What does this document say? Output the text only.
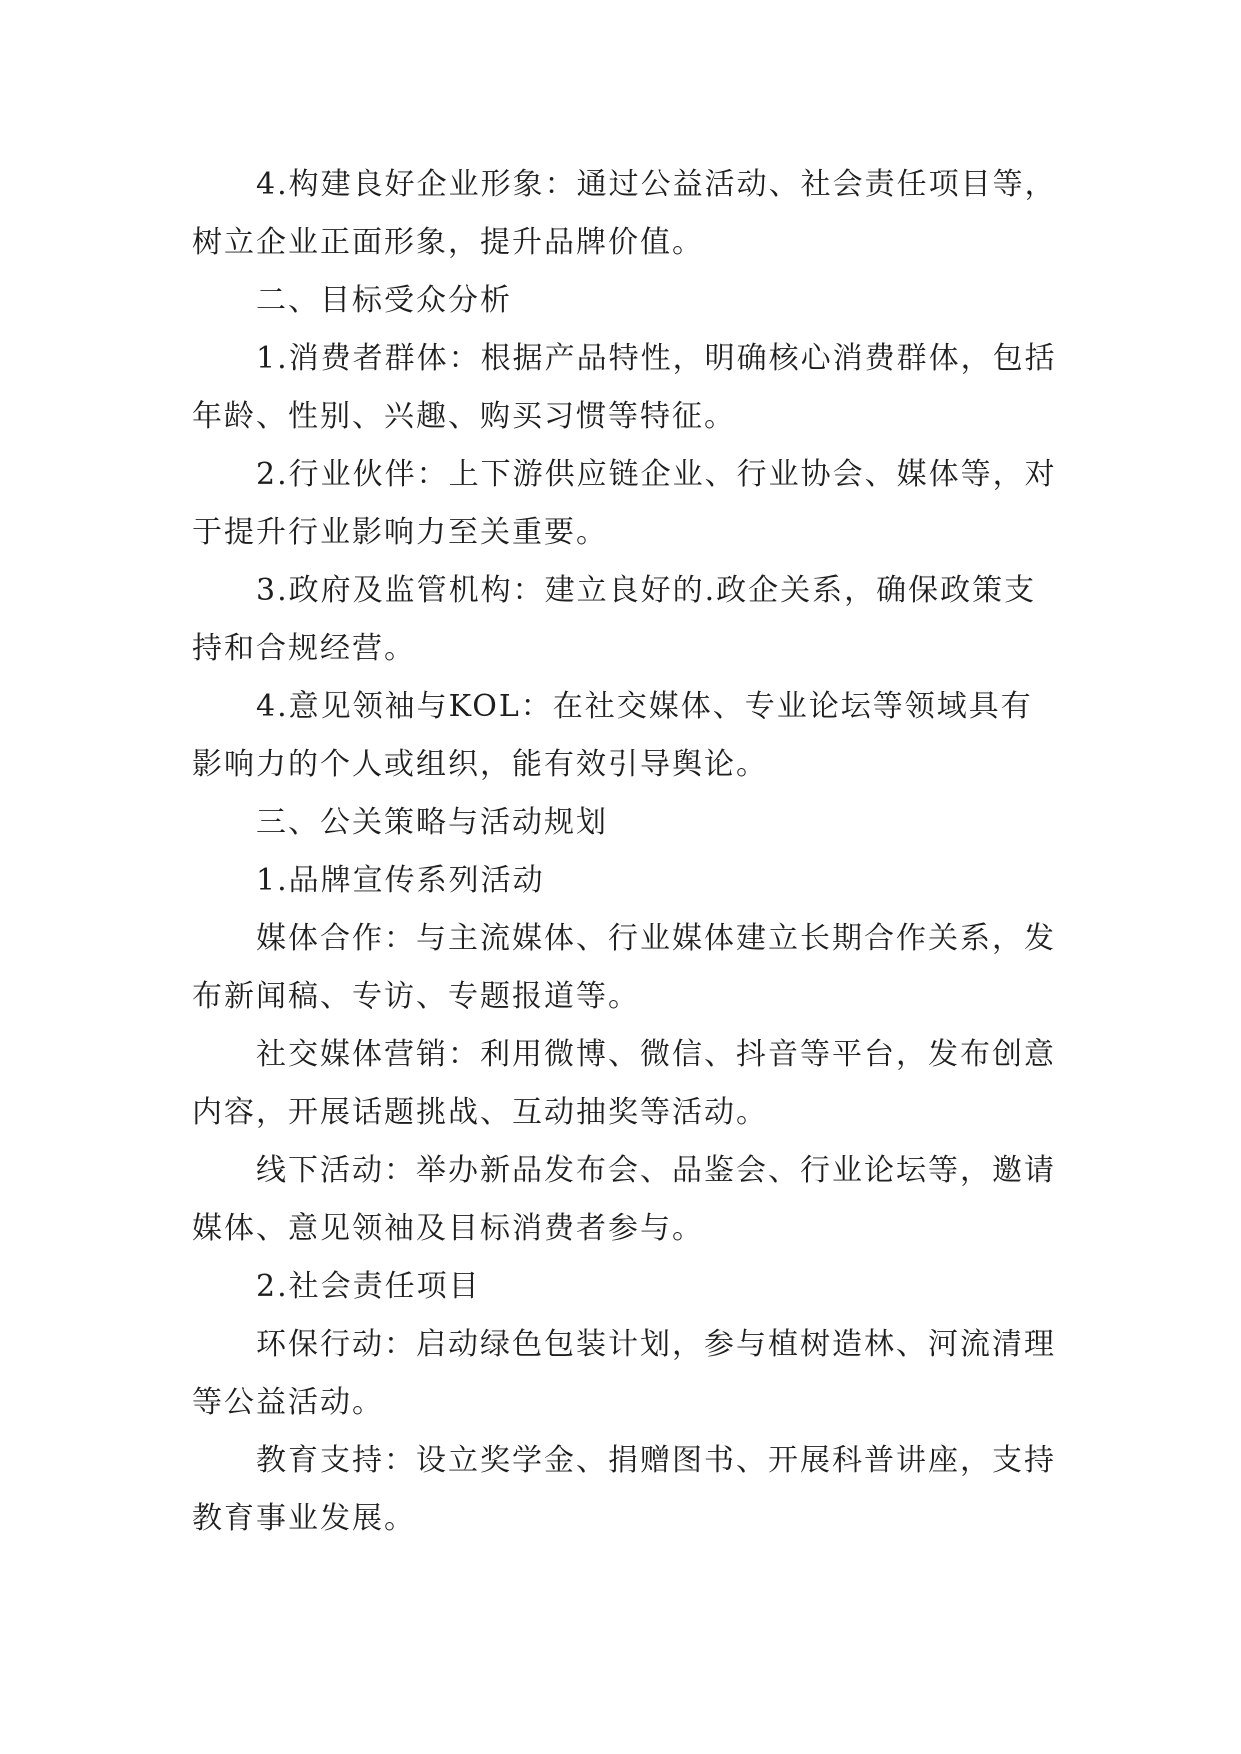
4.构建良好企业形象：通过公益活动、社会责任项目等，树立企业正面形象，提升品牌价值。

二、目标受众分析

1.消费者群体：根据产品特性，明确核心消费群体，包括年龄、性别、兴趣、购买习惯等特征。

2.行业伙伴：上下游供应链企业、行业协会、媒体等，对于提升行业影响力至关重要。

3.政府及监管机构：建立良好的.政企关系，确保政策支持和合规经营。

4.意见领袖与KOL：在社交媒体、专业论坛等领域具有影响力的个人或组织，能有效引导舆论。

三、公关策略与活动规划

1.品牌宣传系列活动

媒体合作：与主流媒体、行业媒体建立长期合作关系，发布新闻稿、专访、专题报道等。

社交媒体营销：利用微博、微信、抖音等平台，发布创意内容，开展话题挑战、互动抽奖等活动。

线下活动：举办新品发布会、品鉴会、行业论坛等，邀请媒体、意见领袖及目标消费者参与。

2.社会责任项目

环保行动：启动绿色包装计划，参与植树造林、河流清理等公益活动。

教育支持：设立奖学金、捐赠图书、开展科普讲座，支持教育事业发展。
